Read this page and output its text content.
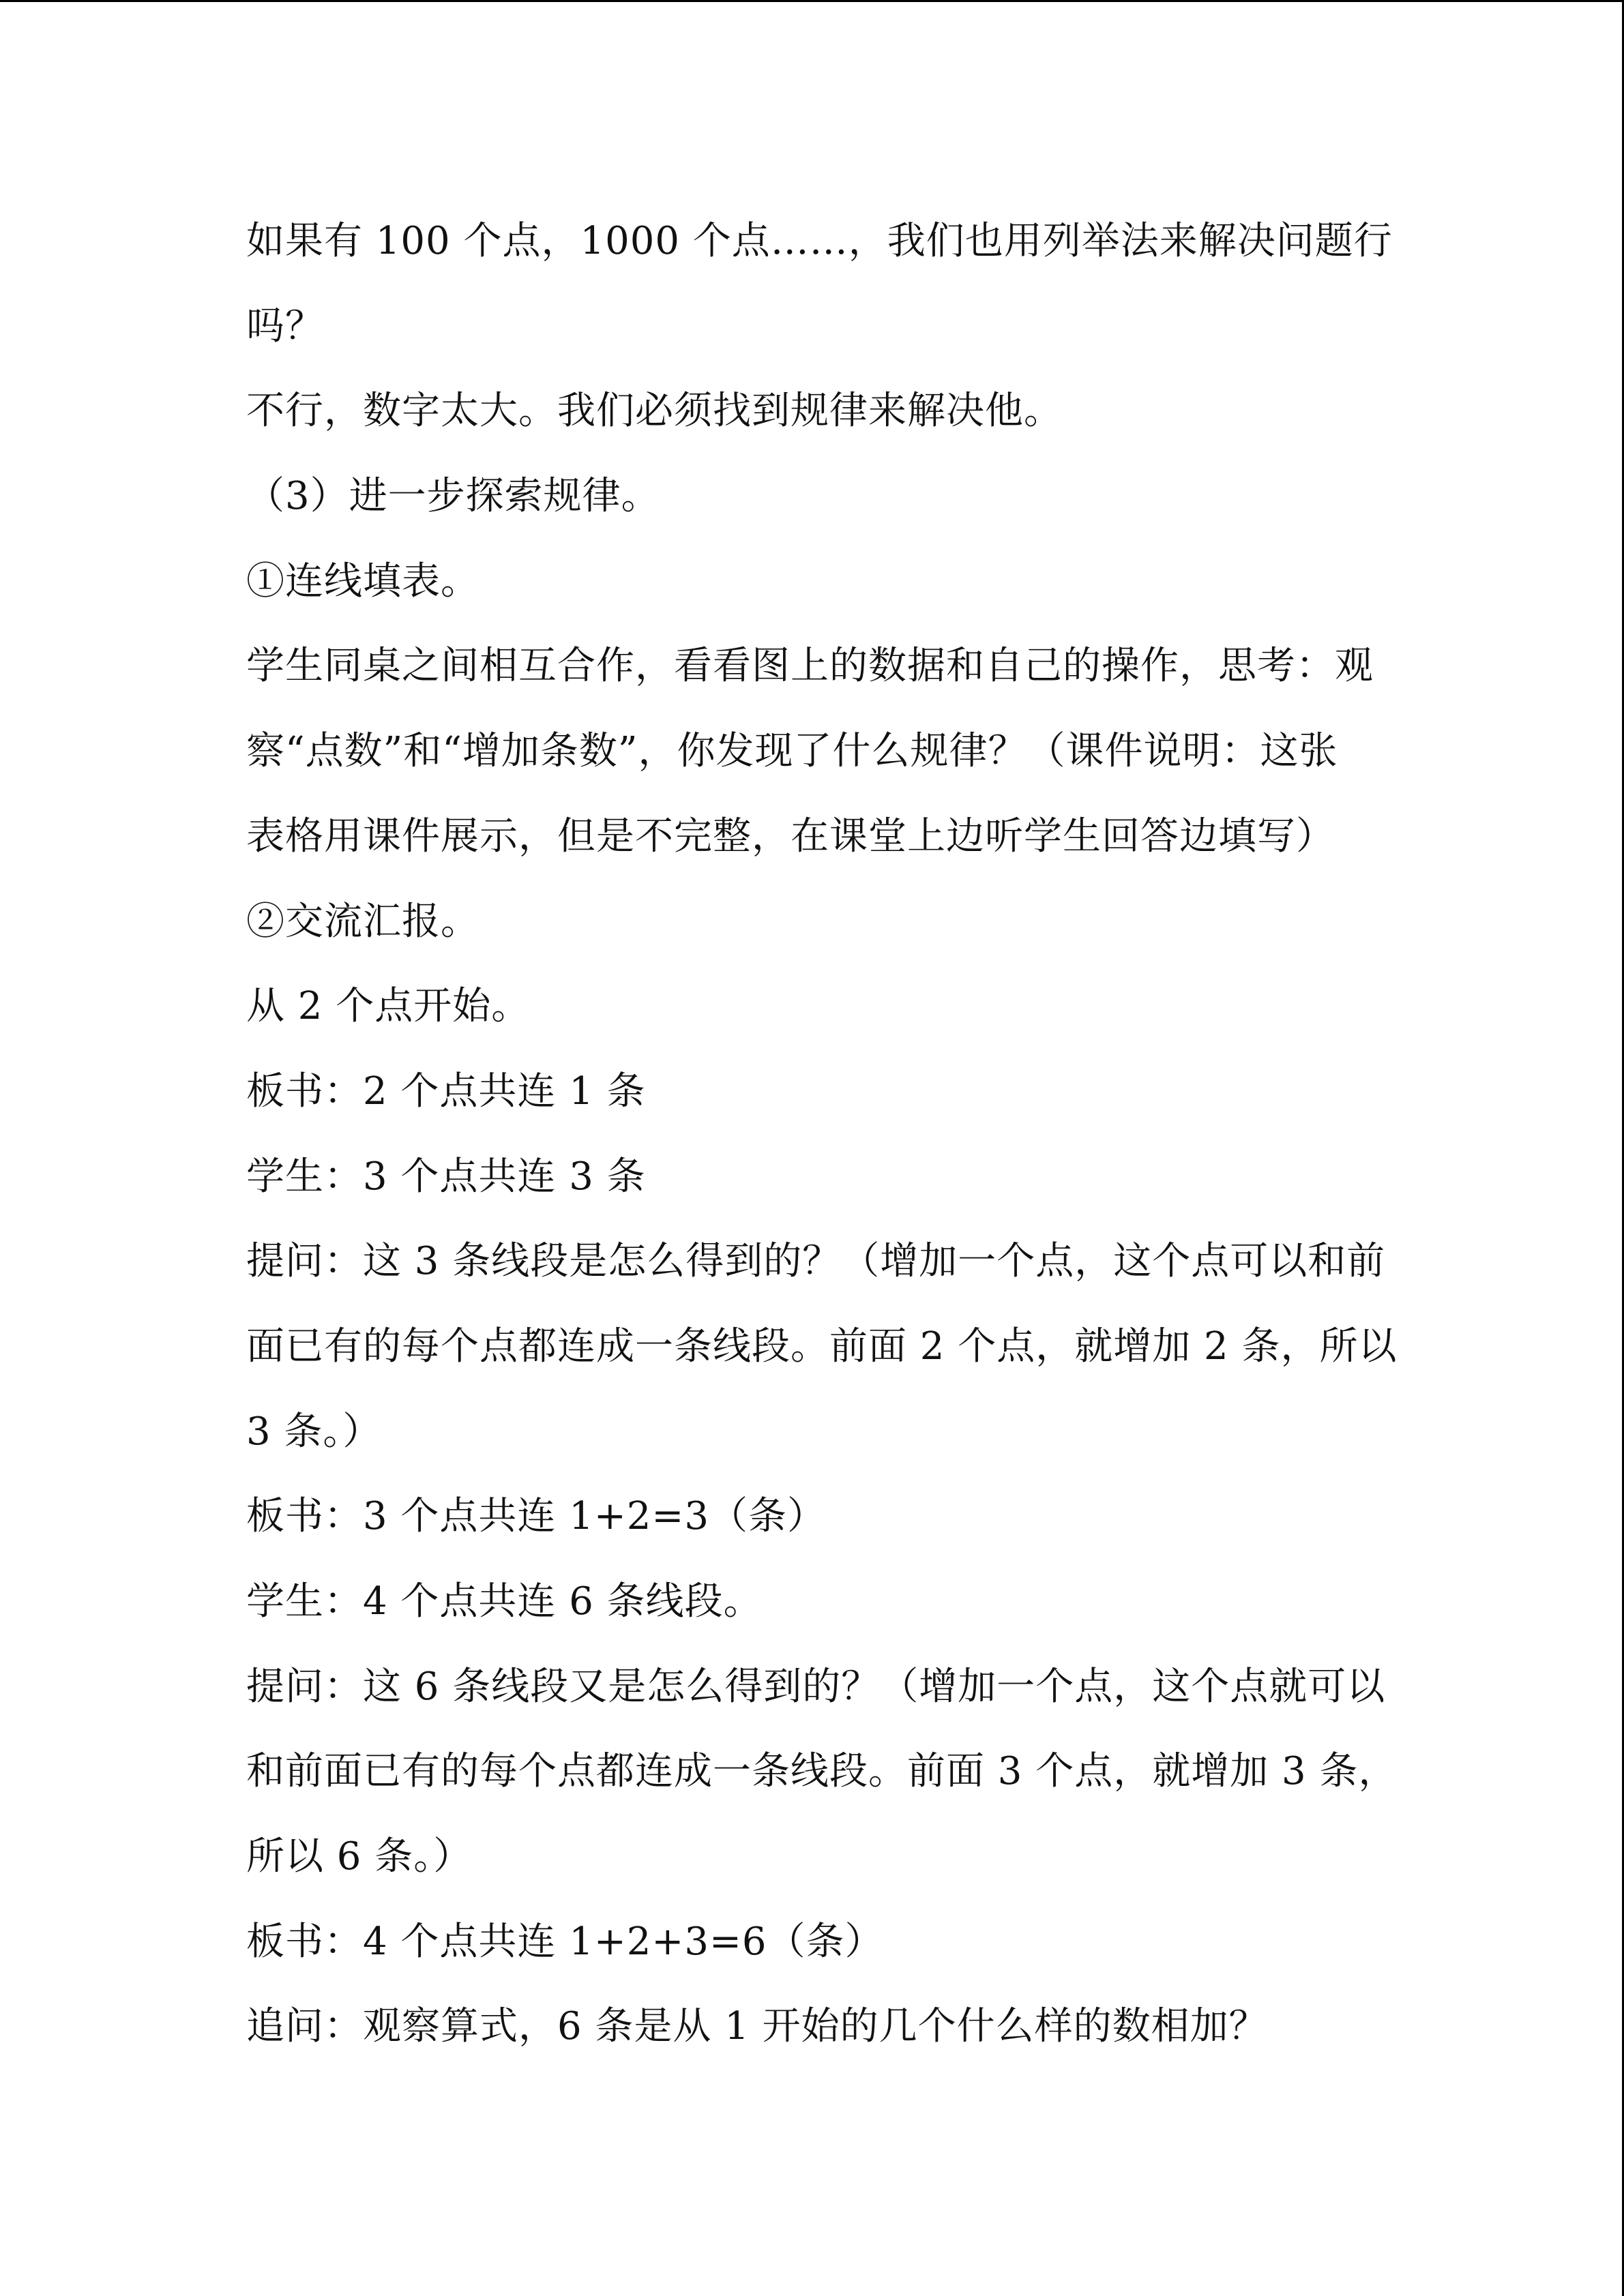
如果有 100 个点，1000 个点……，我们也用列举法来解决问题行
吗？
不行，数字太大。我们必须找到规律来解决他。
（3）进一步探索规律。
①连线填表。
学生同桌之间相互合作，看看图上的数据和自己的操作，思考：观
察“点数”和“增加条数”，你发现了什么规律？（课件说明：这张
表格用课件展示，但是不完整，在课堂上边听学生回答边填写）
②交流汇报。
从 2 个点开始。
板书：2 个点共连 1 条
学生：3 个点共连 3 条
提问：这 3 条线段是怎么得到的？（增加一个点，这个点可以和前
面已有的每个点都连成一条线段。前面 2 个点，就增加 2 条，所以
3 条。）
板书：3 个点共连 1+2=3（条）
学生：4 个点共连 6 条线段。
提问：这 6 条线段又是怎么得到的？（增加一个点，这个点就可以
和前面已有的每个点都连成一条线段。前面 3 个点，就增加 3 条，
所以 6 条。）
板书：4 个点共连 1+2+3=6（条）
追问：观察算式，6 条是从 1 开始的几个什么样的数相加？
